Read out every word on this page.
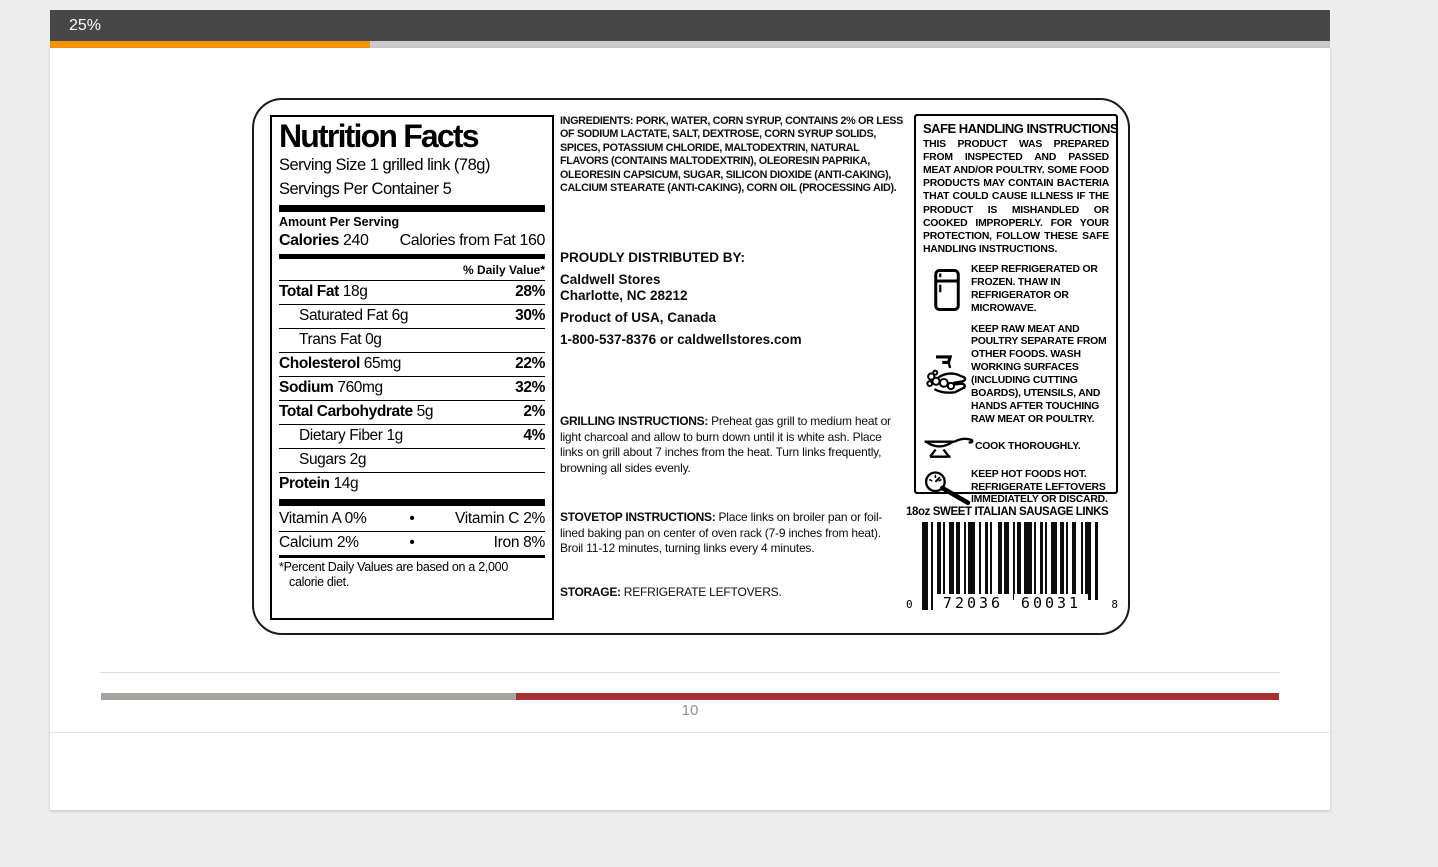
25%
Nutrition Facts
Serving Size 1 grilled link (78g)
Servings Per Container 5
Amount Per Serving
Calories 240 Calories from Fat 160
% Daily Value*
Total Fat 18g	28%
Saturated Fat 6g	30%
Trans Fat 0g
Cholesterol 65mg	22%
Sodium 760mg	32%
Total Carbohydrate 5g	2%
Dietary Fiber 1g	4%
Sugars 2g
Protein 14g
Vitamin A 0%	•	Vitamin C 2%
Calcium 2%	•	Iron 8%
*Percent Daily Values are based on a 2,000 calorie diet.
INGREDIENTS: PORK, WATER, CORN SYRUP, CONTAINS 2% OR LESS OF SODIUM LACTATE, SALT, DEXTROSE, CORN SYRUP SOLIDS, SPICES, POTASSIUM CHLORIDE, MALTODEXTRIN, NATURAL FLAVORS (CONTAINS MALTODEXTRIN), OLEORESIN PAPRIKA, OLEORESIN CAPSICUM, SUGAR, SILICON DIOXIDE (ANTI-CAKING), CALCIUM STEARATE (ANTI-CAKING), CORN OIL (PROCESSING AID).
PROUDLY DISTRIBUTED BY:
Caldwell Stores
Charlotte, NC 28212
Product of USA, Canada
1-800-537-8376 or caldwellstores.com
GRILLING INSTRUCTIONS: Preheat gas grill to medium heat or light charcoal and allow to burn down until it is white ash. Place links on grill about 7 inches from the heat. Turn links frequently, browning all sides evenly.
STOVETOP INSTRUCTIONS: Place links on broiler pan or foil-lined baking pan on center of oven rack (7-9 inches from heat). Broil 11-12 minutes, turning links every 4 minutes.
STORAGE: REFRIGERATE LEFTOVERS.
SAFE HANDLING INSTRUCTIONS
THIS PRODUCT WAS PREPARED FROM INSPECTED AND PASSED MEAT AND/OR POULTRY. SOME FOOD PRODUCTS MAY CONTAIN BACTERIA THAT COULD CAUSE ILLNESS IF THE PRODUCT IS MISHANDLED OR COOKED IMPROPERLY. FOR YOUR PROTECTION, FOLLOW THESE SAFE HANDLING INSTRUCTIONS.
KEEP REFRIGERATED OR FROZEN. THAW IN REFRIGERATOR OR MICROWAVE.
KEEP RAW MEAT AND POULTRY SEPARATE FROM OTHER FOODS. WASH WORKING SURFACES (INCLUDING CUTTING BOARDS), UTENSILS, AND HANDS AFTER TOUCHING RAW MEAT OR POULTRY.
COOK THOROUGHLY.
KEEP HOT FOODS HOT. REFRIGERATE LEFTOVERS IMMEDIATELY OR DISCARD.
18oz SWEET ITALIAN SAUSAGE LINKS
0	72036	60031	8
10
